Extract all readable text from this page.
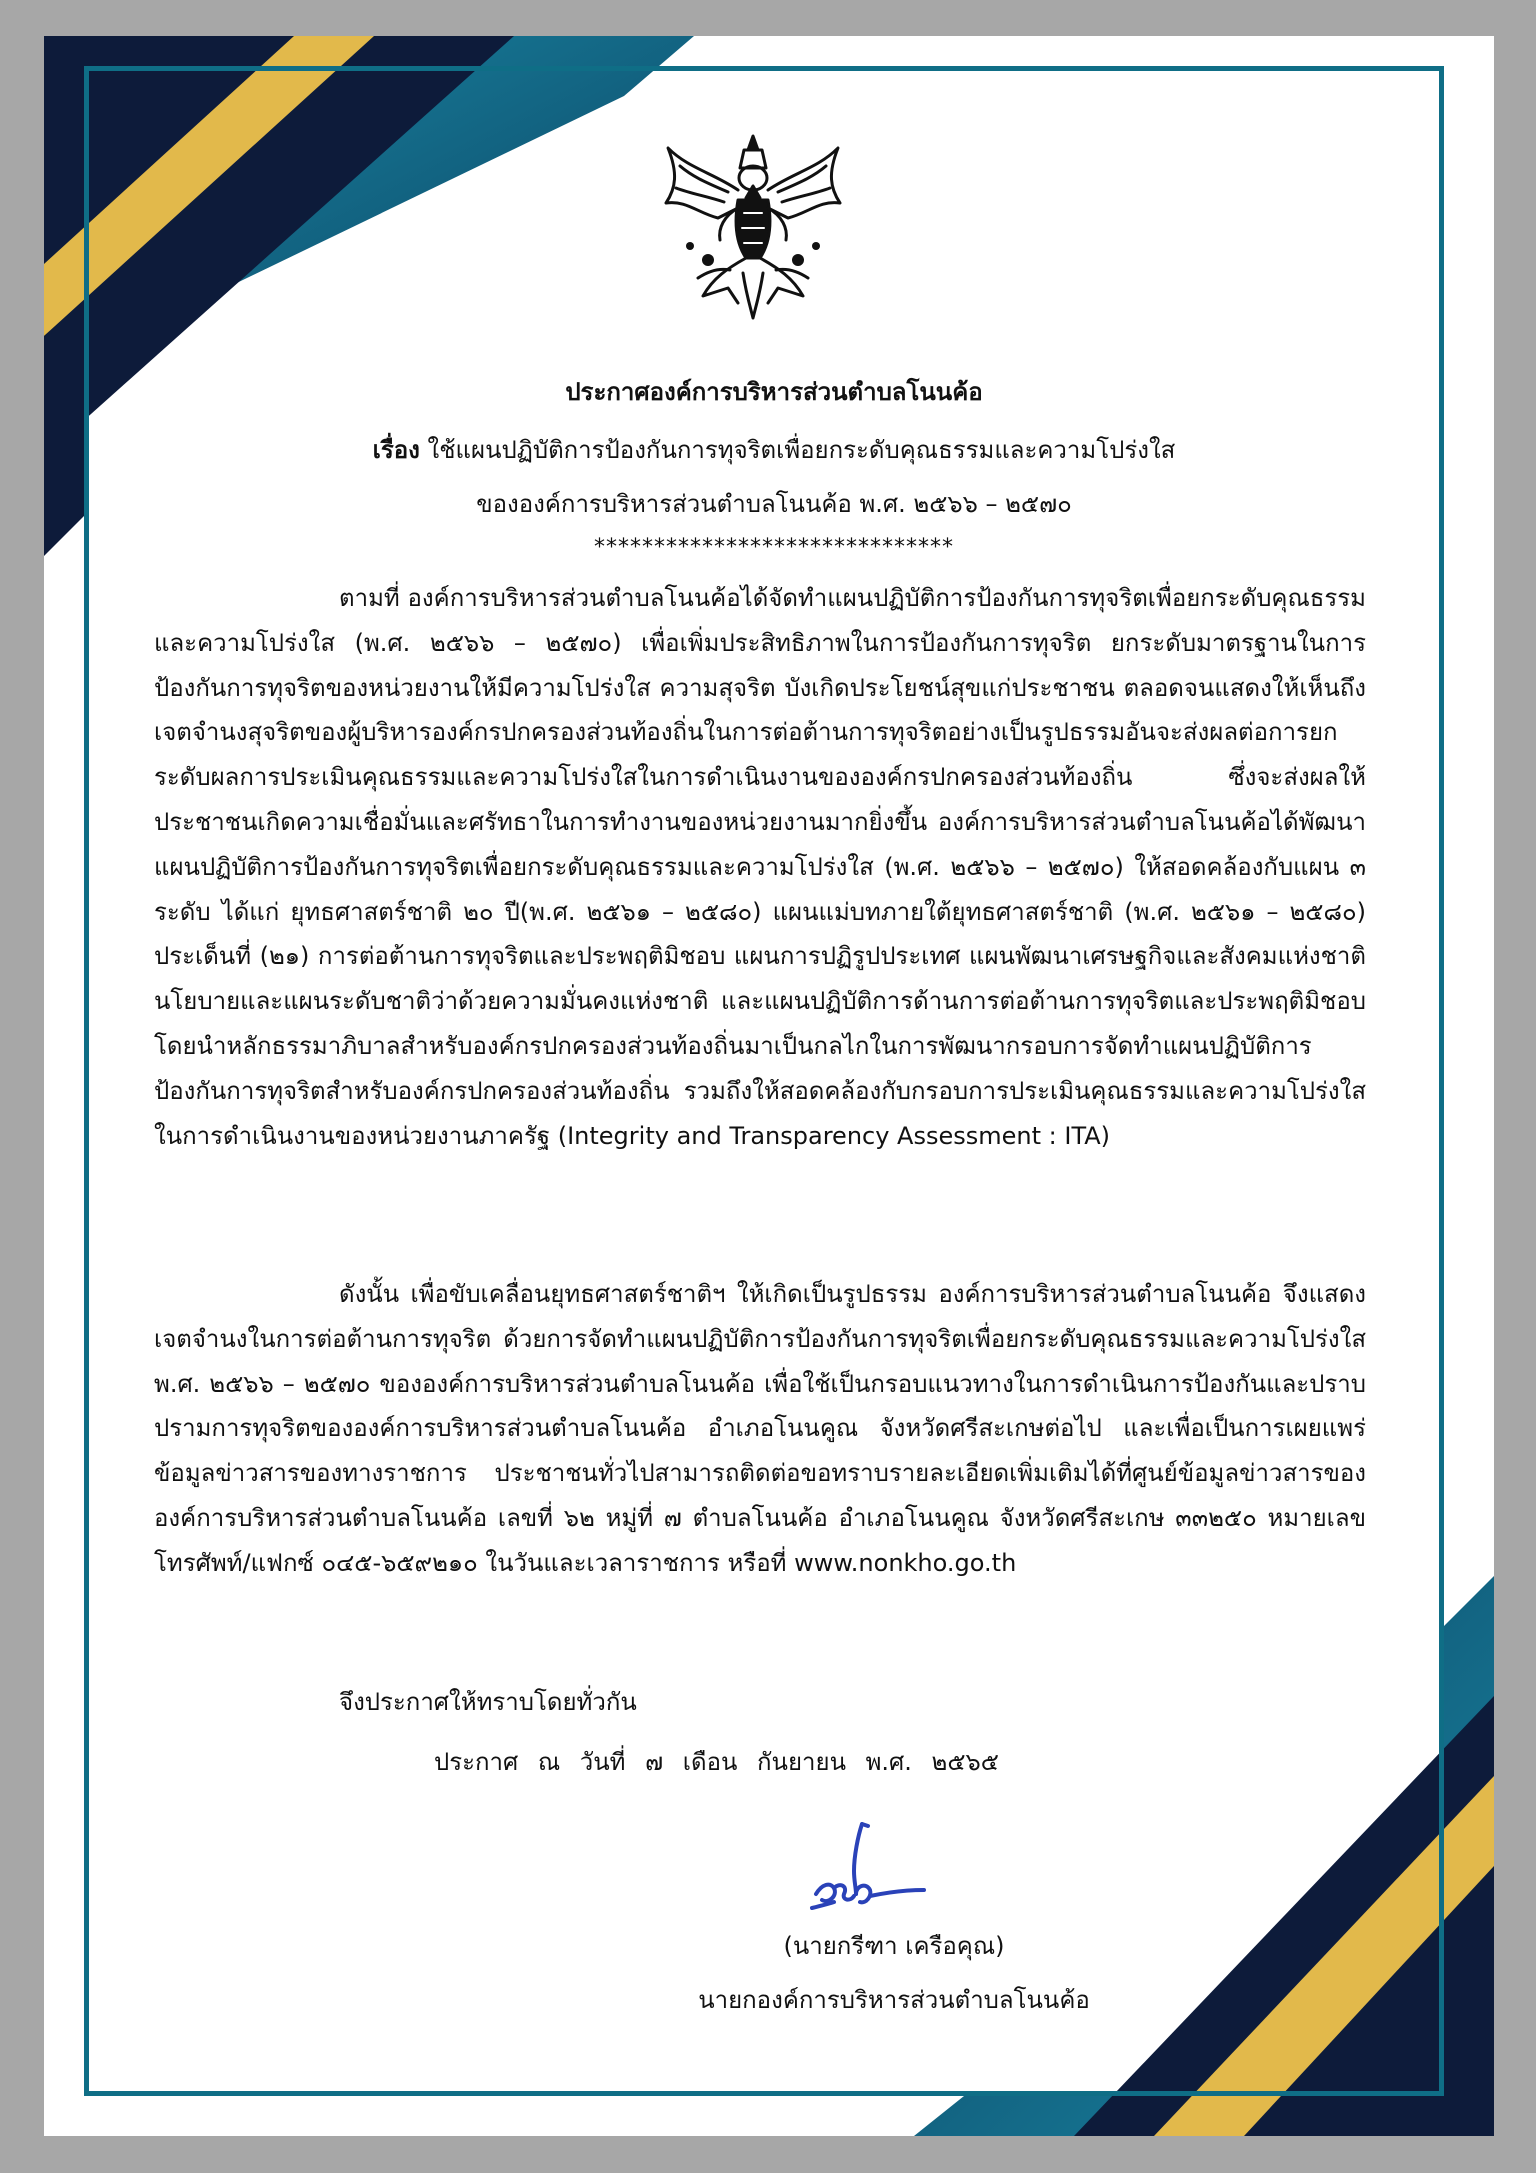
ประกาศองค์การบริหารส่วนตำบลโนนค้อ
เรื่อง ใช้แผนปฏิบัติการป้องกันการทุจริตเพื่อยกระดับคุณธรรมและความโปร่งใส
ขององค์การบริหารส่วนตำบลโนนค้อ พ.ศ. ๒๕๖๖ – ๒๕๗๐
******************************

ตามที่ องค์การบริหารส่วนตำบลโนนค้อได้จัดทำแผนปฏิบัติการป้องกันการทุจริตเพื่อยกระดับคุณธรรมและความโปร่งใส (พ.ศ. ๒๕๖๖ – ๒๕๗๐) เพื่อเพิ่มประสิทธิภาพในการป้องกันการทุจริต ยกระดับมาตรฐานในการป้องกันการทุจริตของหน่วยงานให้มีความโปร่งใส ความสุจริต บังเกิดประโยชน์สุขแก่ประชาชน ตลอดจนแสดงให้เห็นถึงเจตจำนงสุจริตของผู้บริหารองค์กรปกครองส่วนท้องถิ่นในการต่อต้านการทุจริตอย่างเป็นรูปธรรมอันจะส่งผลต่อการยกระดับผลการประเมินคุณธรรมและความโปร่งใสในการดำเนินงานขององค์กรปกครองส่วนท้องถิ่น ซึ่งจะส่งผลให้ประชาชนเกิดความเชื่อมั่นและศรัทธาในการทำงานของหน่วยงานมากยิ่งขึ้น องค์การบริหารส่วนตำบลโนนค้อได้พัฒนาแผนปฏิบัติการป้องกันการทุจริตเพื่อยกระดับคุณธรรมและความโปร่งใส (พ.ศ. ๒๕๖๖ – ๒๕๗๐) ให้สอดคล้องกับแผน ๓ ระดับ ได้แก่ ยุทธศาสตร์ชาติ ๒๐ ปี(พ.ศ. ๒๕๖๑ – ๒๕๘๐) แผนแม่บทภายใต้ยุทธศาสตร์ชาติ (พ.ศ. ๒๕๖๑ – ๒๕๘๐) ประเด็นที่ (๒๑) การต่อต้านการทุจริตและประพฤติมิชอบ แผนการปฏิรูปประเทศ แผนพัฒนาเศรษฐกิจและสังคมแห่งชาติ นโยบายและแผนระดับชาติว่าด้วยความมั่นคงแห่งชาติ และแผนปฏิบัติการด้านการต่อต้านการทุจริตและประพฤติมิชอบ โดยนำหลักธรรมาภิบาลสำหรับองค์กรปกครองส่วนท้องถิ่นมาเป็นกลไกในการพัฒนากรอบการจัดทำแผนปฏิบัติการป้องกันการทุจริตสำหรับองค์กรปกครองส่วนท้องถิ่น รวมถึงให้สอดคล้องกับกรอบการประเมินคุณธรรมและความโปร่งใสในการดำเนินงานของหน่วยงานภาครัฐ (Integrity and Transparency Assessment : ITA)

ดังนั้น เพื่อขับเคลื่อนยุทธศาสตร์ชาติฯ ให้เกิดเป็นรูปธรรม องค์การบริหารส่วนตำบลโนนค้อ จึงแสดงเจตจำนงในการต่อต้านการทุจริต ด้วยการจัดทำแผนปฏิบัติการป้องกันการทุจริตเพื่อยกระดับคุณธรรมและความโปร่งใส พ.ศ. ๒๕๖๖ – ๒๕๗๐ ขององค์การบริหารส่วนตำบลโนนค้อ เพื่อใช้เป็นกรอบแนวทางในการดำเนินการป้องกันและปราบปรามการทุจริตขององค์การบริหารส่วนตำบลโนนค้อ อำเภอโนนคูณ จังหวัดศรีสะเกษต่อไป และเพื่อเป็นการเผยแพร่ข้อมูลข่าวสารของทางราชการ ประชาชนทั่วไปสามารถติดต่อขอทราบรายละเอียดเพิ่มเติมได้ที่ศูนย์ข้อมูลข่าวสารขององค์การบริหารส่วนตำบลโนนค้อ เลขที่ ๖๒ หมู่ที่ ๗ ตำบลโนนค้อ อำเภอโนนคูณ จังหวัดศรีสะเกษ ๓๓๒๕๐ หมายเลขโทรศัพท์/แฟกซ์ ๐๔๕-๖๕๙๒๑๐ ในวันและเวลาราชการ หรือที่ www.nonkho.go.th

จึงประกาศให้ทราบโดยทั่วกัน
ประกาศ ณ วันที่ ๗ เดือน กันยายน พ.ศ. ๒๕๖๕
(นายกรีฑา เครือคุณ)
นายกองค์การบริหารส่วนตำบลโนนค้อ
